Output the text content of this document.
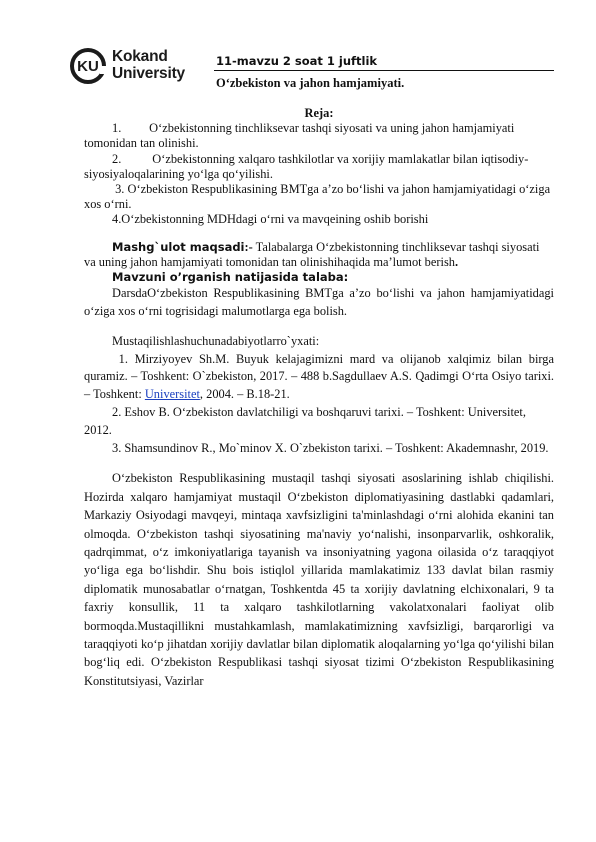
KU
Kokand
University
11-mavzu 2 soat 1 juftlik
O‘zbekiston va jahon hamjamiyati.

Reja:

1.         O‘zbekistonning tinchliksevar tashqi siyosati va uning jahon hamjamiyati tomonidan tan olinishi.

2.          O‘zbekistonning xalqaro tashkilotlar va xorijiy mamlakatlar bilan iqtisodiy-siyosiyaloqalarining yo‘lga qo‘yilishi.

3. O‘zbekiston Respublikasining BMTga a’zo bo‘lishi va jahon hamjamiyatidagi o‘ziga xos o‘rni.

4.O‘zbekistonning MDHdagi o‘rni va mavqeining oshib borishi

Mashg`ulot maqsadi:- Talabalarga O‘zbekistonning tinchliksevar tashqi siyosati va uning jahon hamjamiyati tomonidan tan olinishihaqida ma’lumot berish.

Mavzuni o’rganish natijasida talaba:

DarsdaO‘zbekiston Respublikasining BMTga a’zo bo‘lishi va jahon hamjamiyatidagi o‘ziga xos o‘rni togrisidagi malumotlarga ega bolish.

Mustaqilishlashuchunadabiyotlarro`yxati:

1. Mirziyoyev Sh.M. Buyuk kelajagimizni mard va olijanob xalqimiz bilan birga quramiz. – Toshkent: O`zbekiston, 2017. – 488 b.Sagdullaev A.S. Qadimgi O‘rta Osiyo tarixi. – Toshkent: Universitet, 2004. – B.18-21.

2. Eshov B. O‘zbekiston davlatchiligi va boshqaruvi tarixi. – Toshkent: Universitet, 2012.

3. Shamsundinov R., Mo`minov X. O`zbekiston tarixi. – Toshkent: Akademnashr, 2019.

O‘zbekiston Respublikasining mustaqil tashqi siyosati asoslarining ishlab chiqilishi. Hozirda xalqaro hamjamiyat mustaqil O‘zbekiston diplomatiyasining dastlabki qadamlari, Markaziy Osiyodagi mavqeyi, mintaqa xavfsizligini ta'minlashdagi o‘rni alohida ekanini tan olmoqda. O‘zbekiston tashqi siyosatining ma'naviy yo‘nalishi, insonparvarlik, oshkoralik, qadrqimmat, o‘z imkoniyatlariga tayanish va insoniyatning yagona oilasida o‘z taraqqiyot yo‘liga ega bo‘lishdir. Shu bois istiqlol yillarida mamlakatimiz 133 davlat bilan rasmiy diplomatik munosabatlar o‘rnatgan, Toshkentda 45 ta xorijiy davlatning elchixonalari, 9 ta faxriy konsullik, 11 ta xalqaro tashkilotlarning vakolatxonalari faoliyat olib bormoqda.Mustaqillikni mustahkamlash, mamlakatimizning xavfsizligi, barqarorligi va taraqqiyoti ko‘p jihatdan xorijiy davlatlar bilan diplomatik aloqalarning yo‘lga qo‘yilishi bilan bog‘liq edi. O‘zbekiston Respublikasi tashqi siyosat tizimi O‘zbekiston Respublikasining Konstitutsiyasi, Vazirlar
